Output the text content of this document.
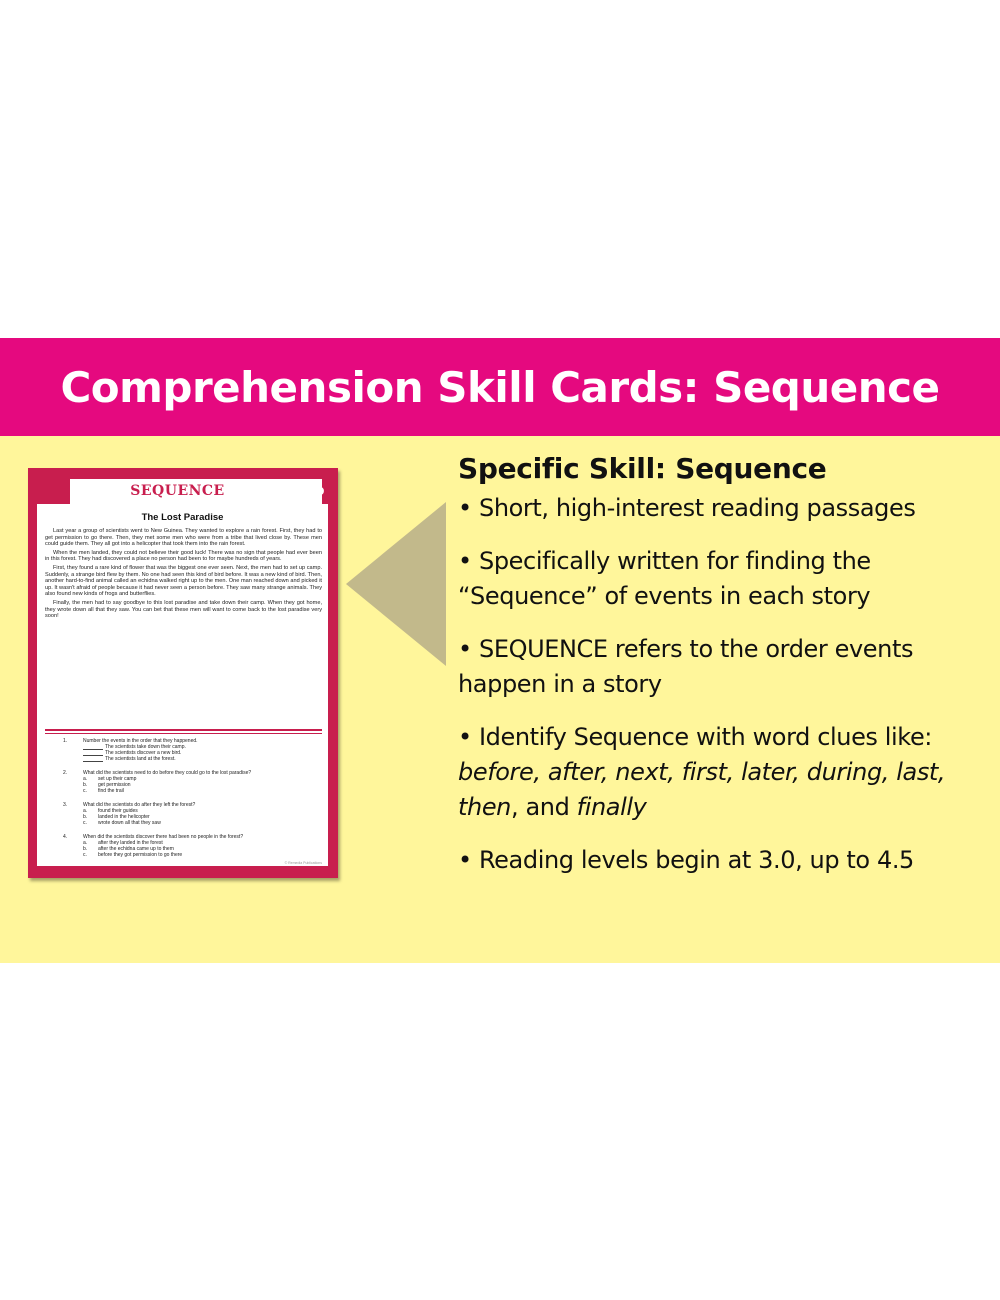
Comprehension Skill Cards: Sequence
SEQUENCE	1b
The Lost Paradise

Last year a group of scientists went to New Guinea. They wanted to explore a rain forest. First, they had to get permission to go there. Then, they met some men who were from a tribe that lived close by. These men could guide them. They all got into a helicopter that took them into the rain forest.

When the men landed, they could not believe their good luck! There was no sign that people had ever been in this forest. They had discovered a place no person had been to for maybe hundreds of years.

First, they found a rare kind of flower that was the biggest one ever seen. Next, the men had to set up camp. Suddenly, a strange bird flew by them. No one had seen this kind of bird before. It was a new kind of bird. Then, another hard-to-find animal called an echidna walked right up to the men. One man reached down and picked it up. It wasn't afraid of people because it had never seen a person before. They saw many strange animals. They also found new kinds of frogs and butterflies.

Finally, the men had to say goodbye to this lost paradise and take down their camp. When they got home, they wrote down all that they saw. You can bet that these men will want to come back to the lost paradise very soon!

1.	Number the events in the order that they happened.
The scientists take down their camp.
The scientists discover a new bird.
The scientists land at the forest.
2.	What did the scientists need to do before they could go to the lost paradise?
a.	set up their camp
b.	get permission
c.	find the trail
3.	What did the scientists do after they left the forest?
a.	found their guides
b.	landed in the helicopter
c.	wrote down all that they saw
4.	When did the scientists discover there had been no people in the forest?
a.	after they landed in the forest
b.	after the echidna came up to them
c.	before they got permission to go there
© Remedia Publications

Specific Skill: Sequence

• Short, high-interest reading passages

• Specifically written for finding the

“Sequence” of events in each story

• SEQUENCE refers to the order events

happen in a story

• Identify Sequence with word clues like:

before, after, next, first, later, during, last,

then, and finally

• Reading levels begin at 3.0, up to 4.5
